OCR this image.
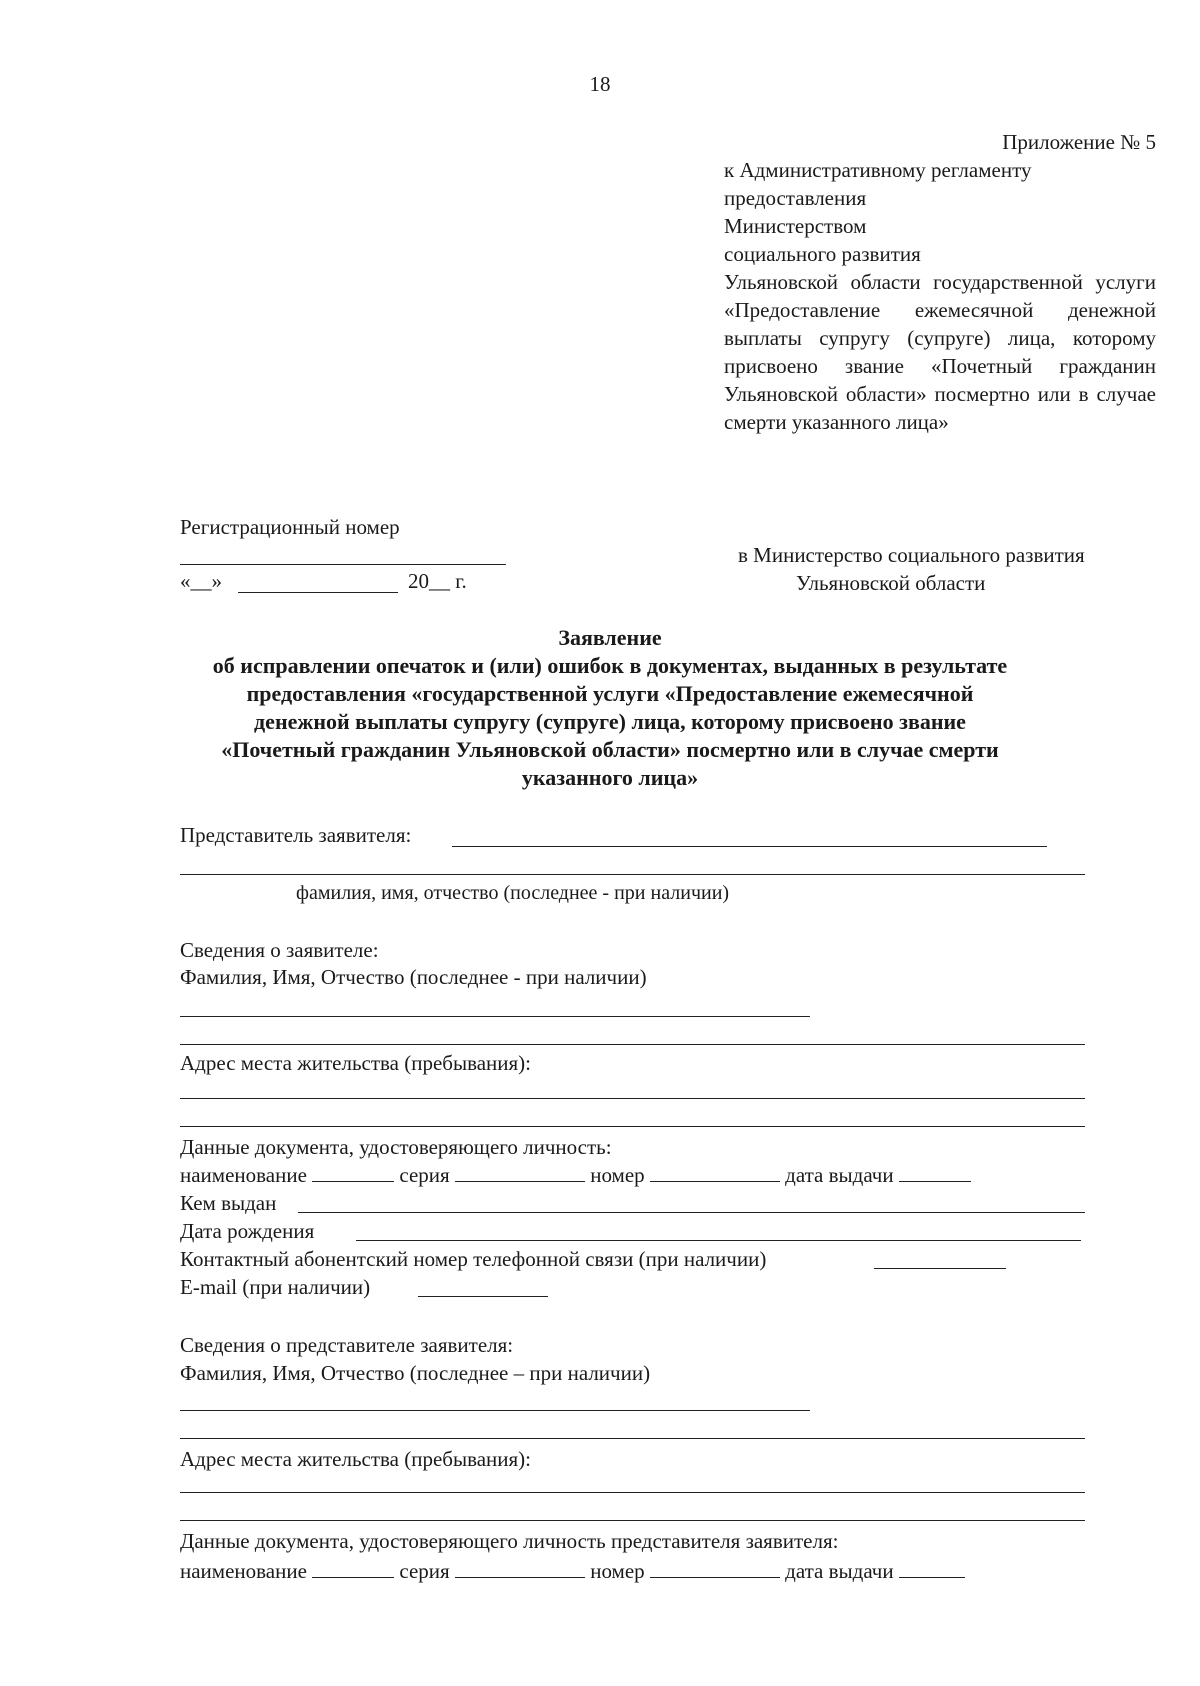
18
Приложение № 5
к Административному регламенту
предоставления
Министерством
социального развития
Ульяновской области государственной услуги «Предоставление ежемесячной денежной выплаты супругу (супруге) лица, которому присвоено звание «Почетный гражданин Ульяновской области» посмертно или в случае смерти указанного лица»
Регистрационный номер
«__»	20__ г.
в Министерство социального развития
Ульяновской области
Заявление
об исправлении опечаток и (или) ошибок в документах, выданных в результате
предоставления «государственной услуги «Предоставление ежемесячной
денежной выплаты супругу (супруге) лица, которому присвоено звание
«Почетный гражданин Ульяновской области» посмертно или в случае смерти
указанного лица»
Представитель заявителя:
фамилия, имя, отчество (последнее - при наличии)
Сведения о заявителе:
Фамилия, Имя, Отчество (последнее - при наличии)
Адрес места жительства (пребывания):
Данные документа, удостоверяющего личность:
наименование	серия	номер	дата выдачи
Кем выдан
Дата рождения
Контактный абонентский номер телефонной связи (при наличии)
E-mail (при наличии)
Сведения о представителе заявителя:
Фамилия, Имя, Отчество (последнее – при наличии)
Адрес места жительства (пребывания):
Данные документа, удостоверяющего личность представителя заявителя:
наименование	серия	номер	дата выдачи
